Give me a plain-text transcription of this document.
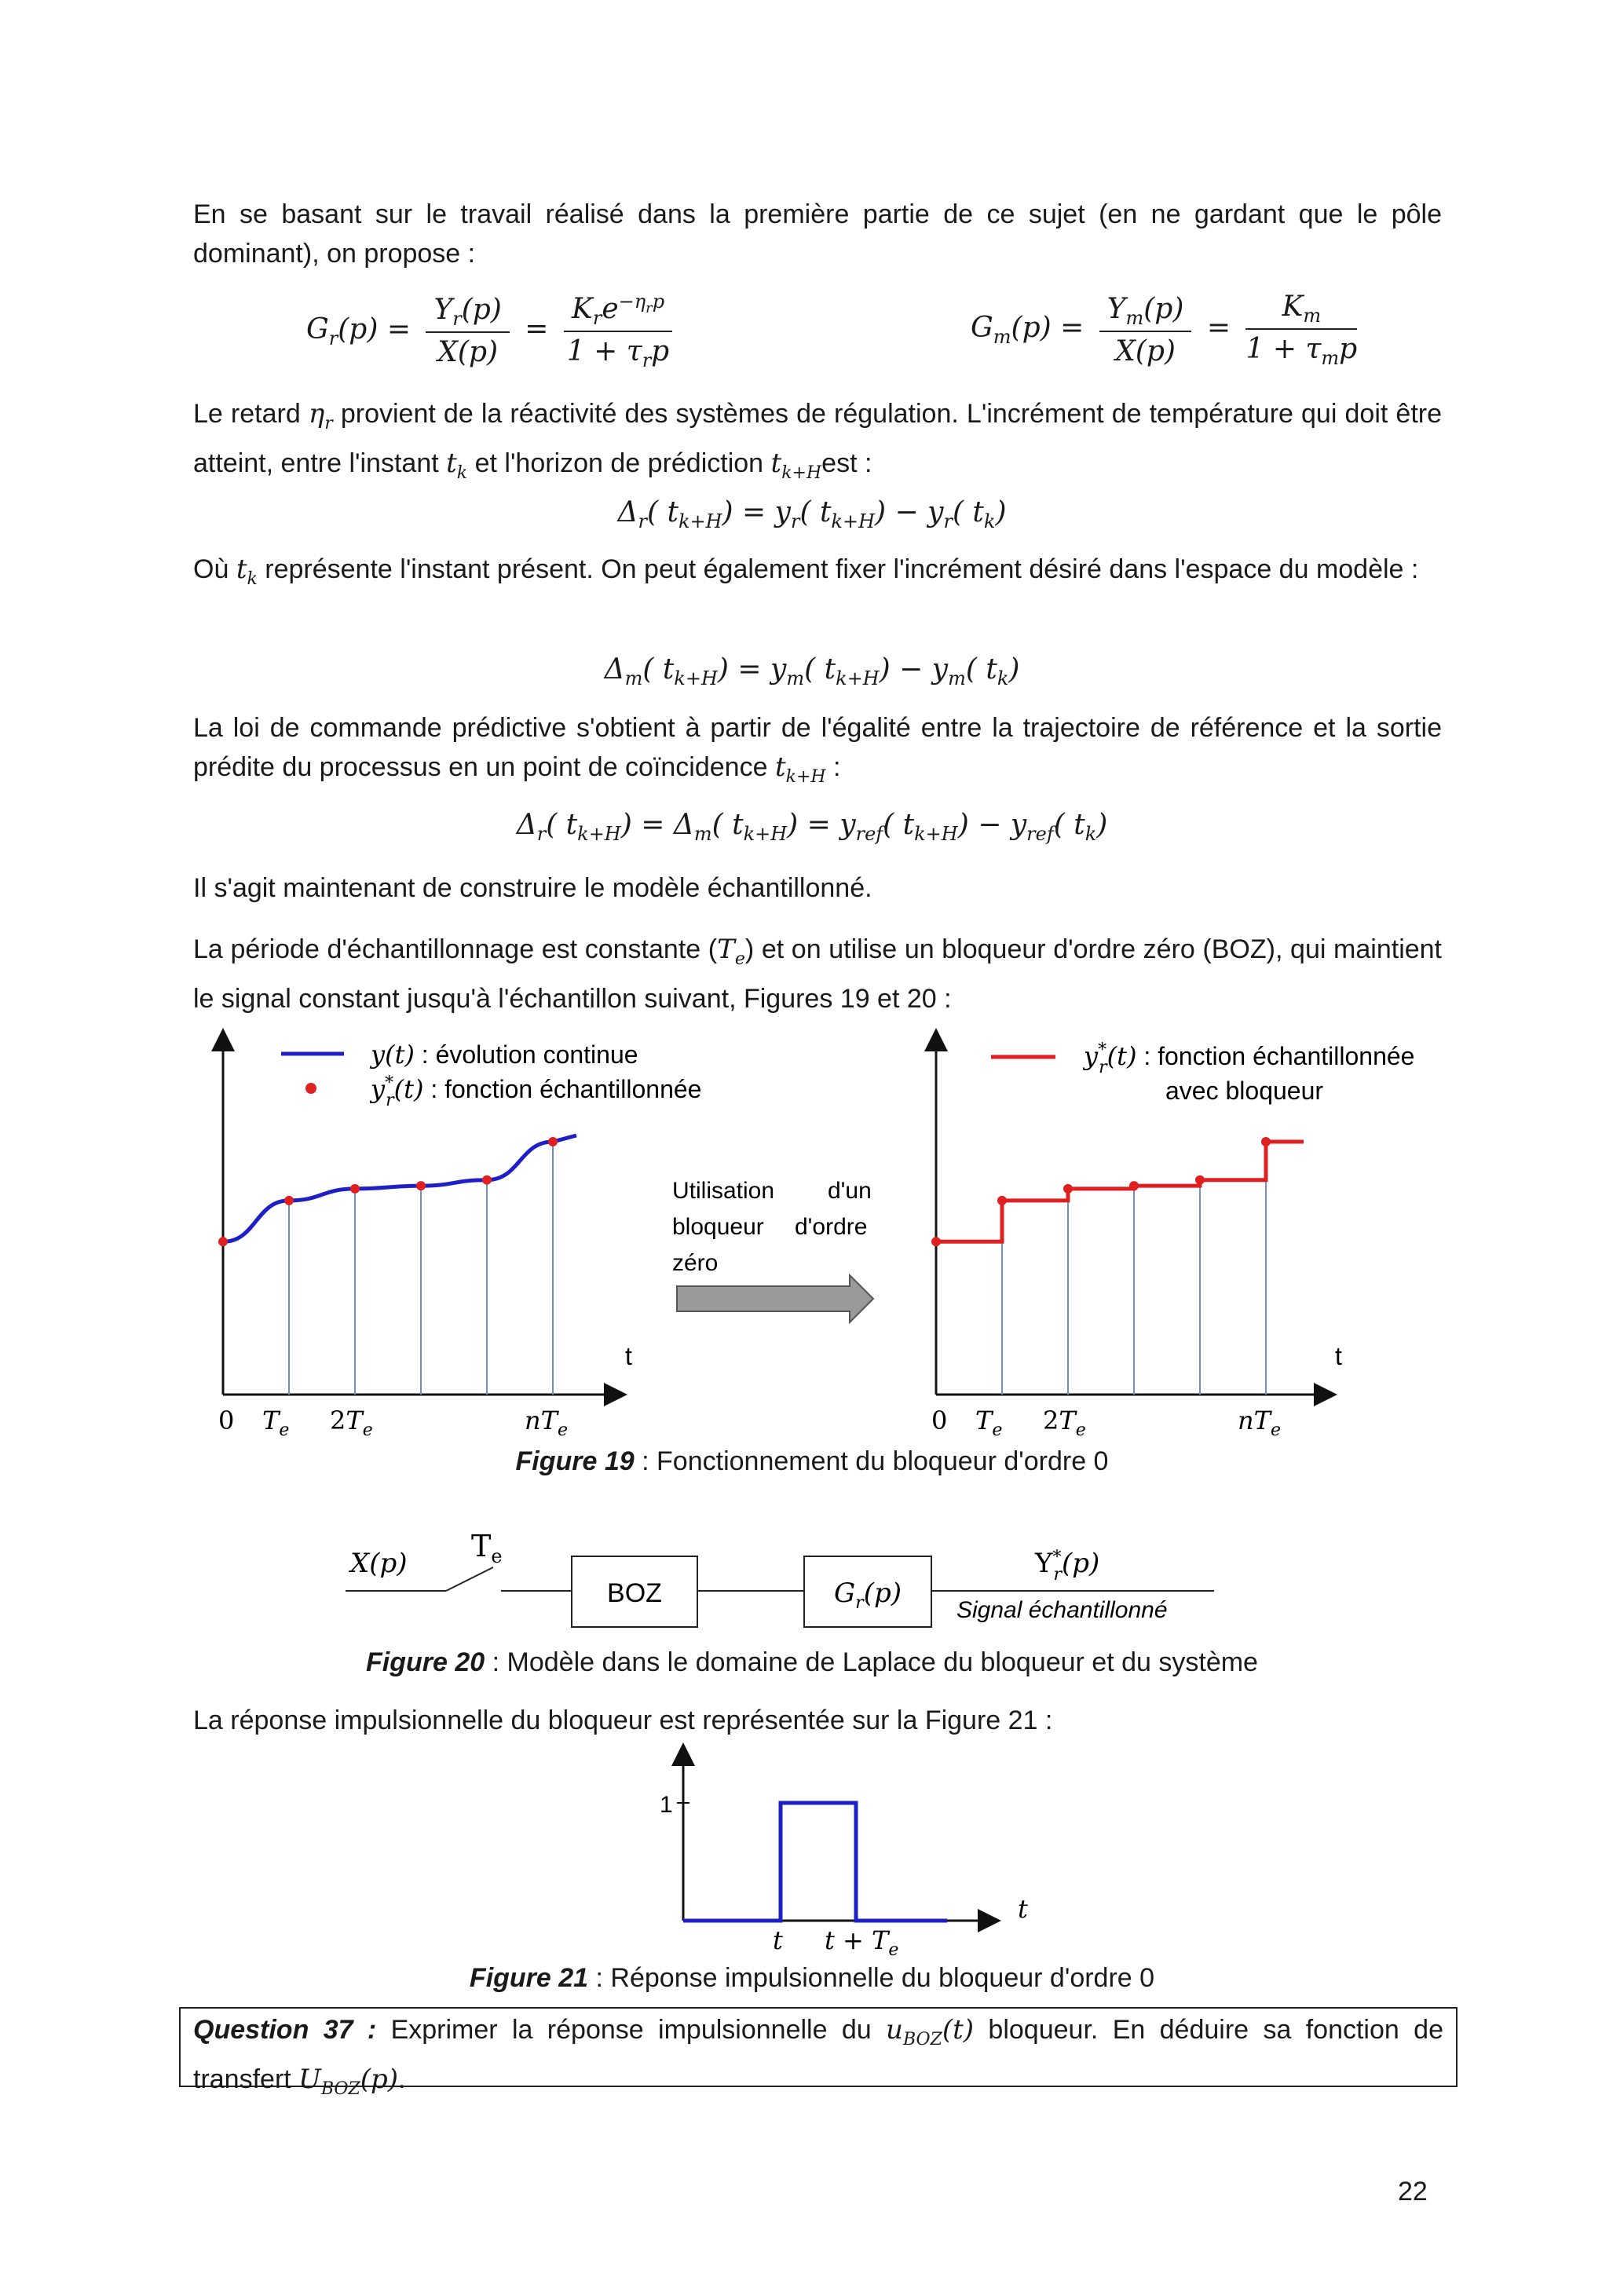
En se basant sur le travail réalisé dans la première partie de ce sujet (en ne gardant que le pôle dominant), on propose :
$G_r(p) = \frac{Y_r(p)}{X(p)} = \frac{K_re^{-\eta_rp}}{1 + \tau_rp}$	$G_m(p) = \frac{Y_m(p)}{X(p)} = \frac{K_m}{1 + \tau_mp}$
Le retard $\eta_r$ provient de la réactivité des systèmes de régulation. L'incrément de température qui doit être atteint, entre l'instant $t_k$ et l'horizon de prédiction $t_{k+H}est$ :
$\Delta_r$( $t_{k+H}) = y_r$( $t_{k+H}) - y_r$( $t_k$)
Où $t_k$ représente l'instant présent. On peut également fixer l'incrément désiré dans l'espace du modèle :
$\Delta_m$( $t_{k+H}) = y_m$( $t_{k+H}) - y_m$( $t_k$)
La loi de commande prédictive s'obtient à partir de l'égalité entre la trajectoire de référence et la sortie prédite du processus en un point de coïncidence $t_{k+H}$ :
$\Delta_r$( $t_{k+H}) = \Delta_m$( $t_{k+H}) = y_{ref}$( $t_{k+H}) - y_{ref}$( $t_k$)
Il s'agit maintenant de construire le modèle échantillonné.
La période d'échantillonnage est constante $(T_e)$ et on utilise un bloqueur d'ordre zéro (BOZ), qui maintient le signal constant jusqu'à l'échantillon suivant, Figures 19 et 20 :
y(t) : évolution continue
y* r(t) : fonction échantillonnée
t
0 $T_e$ $2T_e$	$nT_e$
Utilisation d'un
bloqueur d'ordre
zéro
y* r(t) : fonction échantillonnée
avec bloqueur
t
0 $T_e$ $2T_e$	$nT_e$
Figure 19 : Fonctionnement du bloqueur d'ordre 0
X(p) $T_e$
BOZ	$G_r(p)$
Y* r(p)
Signal échantillonné
Figure 20 : Modèle dans le domaine de Laplace du bloqueur et du système
La réponse impulsionnelle du bloqueur est représentée sur la Figure 21 :
1
t
t $t + T_e$
Figure 21 : Réponse impulsionnelle du bloqueur d'ordre 0
Question 37 : Exprimer la réponse impulsionnelle du $u_{BOZ}(t)$ bloqueur. En déduire sa fonction de transfert $U_{BOZ}(p)$.
22
